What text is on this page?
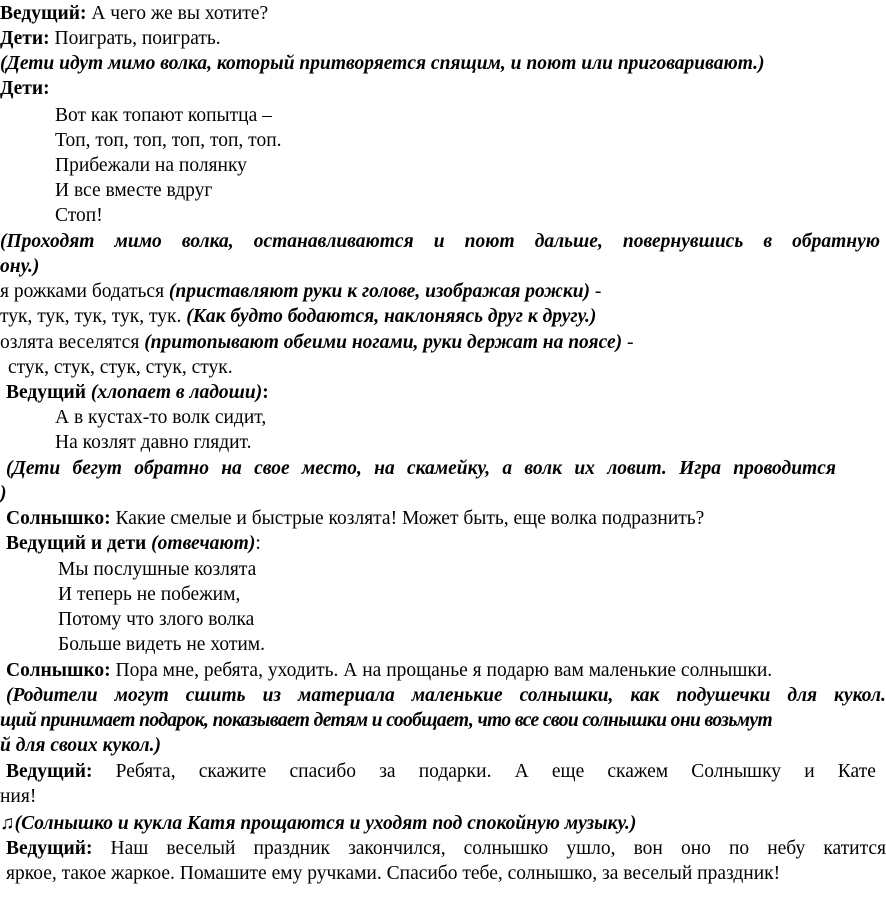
Ведущий: А чего же вы хотите?
Дети: Поиграть, поиграть.
(Дети идут мимо волка, который притворяется спящим, и поют или приговаривают.)
Дети:
Вот как топают копытца –
Топ, топ, топ, топ, топ, топ.
Прибежали на полянку
И все вместе вдруг
Стоп!
(Проходят мимо волка, останавливаются и поют дальше, повернувшись в обратную
ону.)
я рожками бодаться (приставляют руки к голове, изображая рожки) -
тук, тук, тук, тук, тук. (Как будто бодаются, наклоняясь друг к другу.)
озлята веселятся (притопывают обеими ногами, руки держат на поясе) -
стук, стук, стук, стук, стук.
Ведущий (хлопает в ладоши):
А в кустах-то волк сидит,
На козлят давно глядит.
(Дети бегут обратно на свое место, на скамейку, а волк их ловит. Игра проводится
)
Солнышко: Какие смелые и быстрые козлята! Может быть, еще волка подразнить?
Ведущий и дети (отвечают):
Мы послушные козлята
И теперь не побежим,
Потому что злого волка
Больше видеть не хотим.
Солнышко: Пора мне, ребята, уходить. А на прощанье я подарю вам маленькие солнышки.
(Родители могут сшить из материала маленькие солнышки, как подушечки для кукол.
щий принимает подарок, показывает детям и сообщает, что все свои солнышки они возьмут
й для своих кукол.)
Ведущий: Ребята, скажите спасибо за подарки. А еще скажем Солнышку и Кате
ния!
♫(Солнышко и кукла Катя прощаются и уходят под спокойную музыку.)
Ведущий: Наш веселый праздник закончился, солнышко ушло, вон оно по небу катится
яркое, такое жаркое. Помашите ему ручками. Спасибо тебе, солнышко, за веселый праздник!
